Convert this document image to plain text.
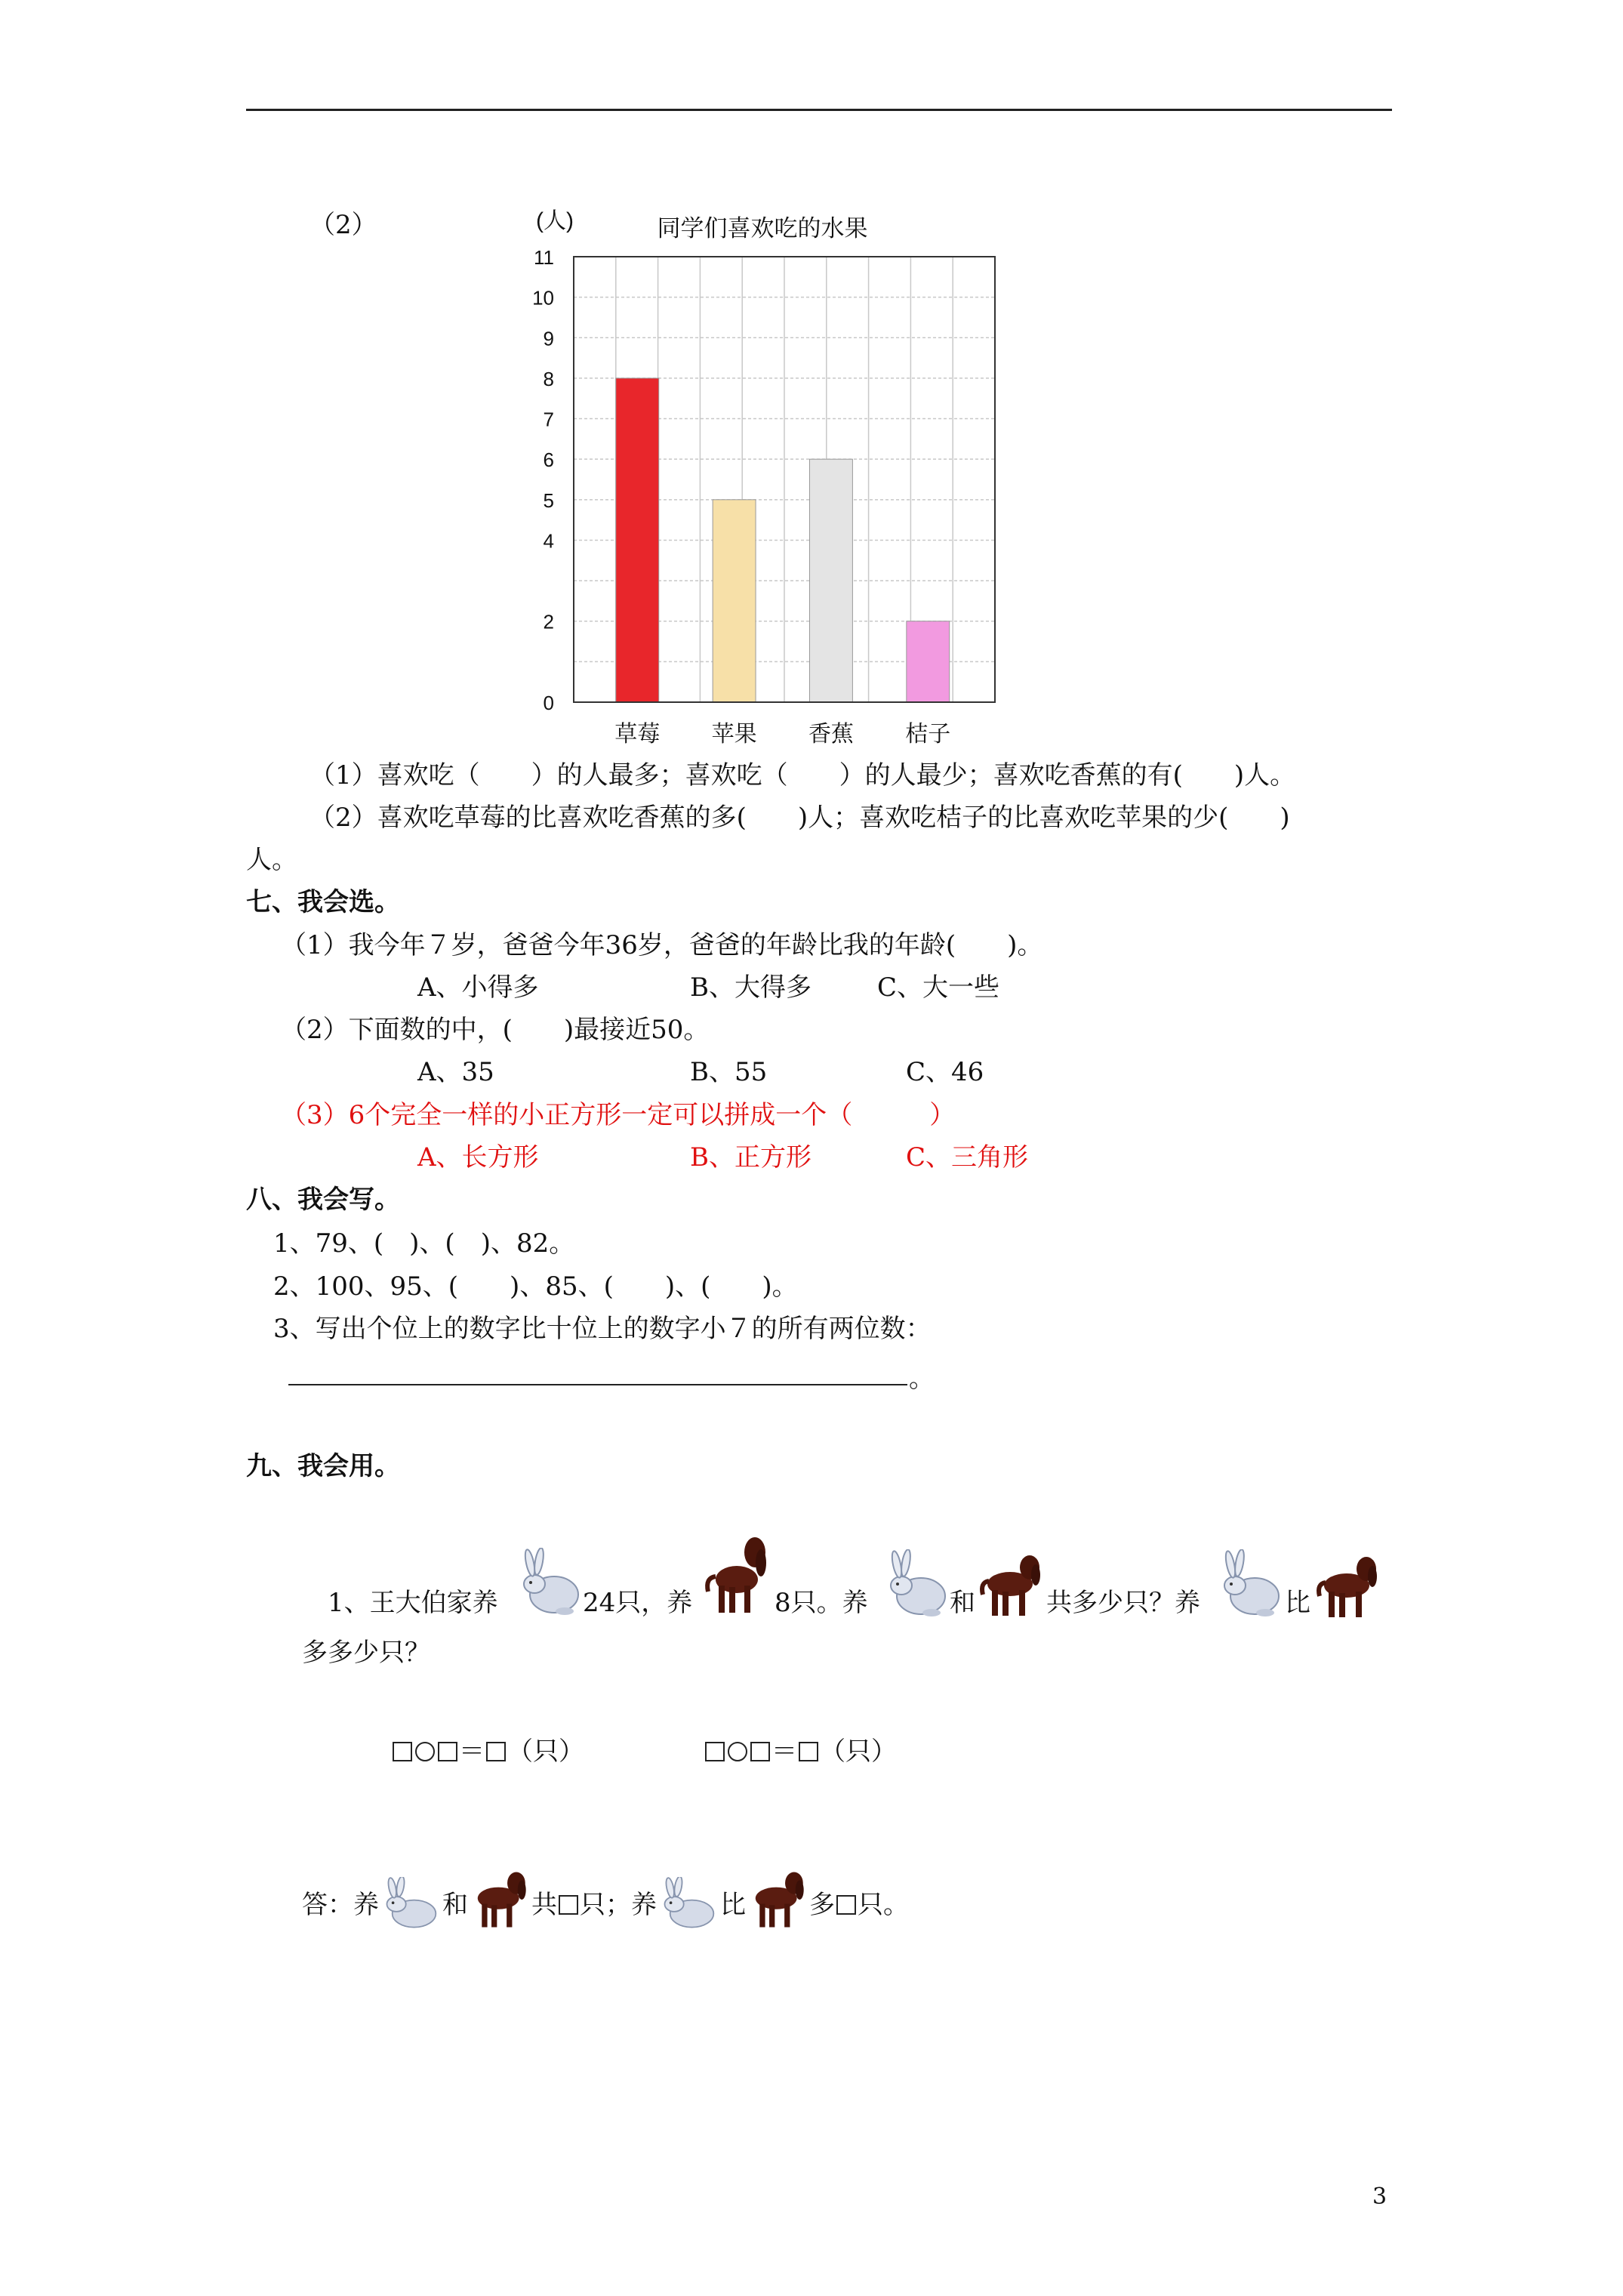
（2）	同学们喜欢吃的水果
(人)
0
2
4
5
6
7
8
9
10
11
草莓 苹果 香蕉 桔子
（1）喜欢吃（　　）的人最多；喜欢吃（　　）的人最少；喜欢吃香蕉的有(　　)人。
（2）喜欢吃草莓的比喜欢吃香蕉的多(　　)人；喜欢吃桔子的比喜欢吃苹果的少(　　)
人。
七、我会选。
（1）我今年７岁，爸爸今年36岁，爸爸的年龄比我的年龄(　　)。
A、小得多	B、大得多	C、大一些
（2）下面数的中，(　　)最接近50。
A、35	B、55	C、46
（3）6个完全一样的小正方形一定可以拼成一个（　　　）
A、长方形	B、正方形	C、三角形
八、我会写。
1、79、(　)、(　)、82。
2、100、95、(　　)、85、(　　)、(　　)。
3、写出个位上的数字比十位上的数字小７的所有两位数：
。
九、我会用。
1、王大伯家养	24只，养	8只。养	和	共多少只？养	比
多多少只？
＝ （只）	＝ （只）
答：养 和 共 只；养 比 多 只。
3
